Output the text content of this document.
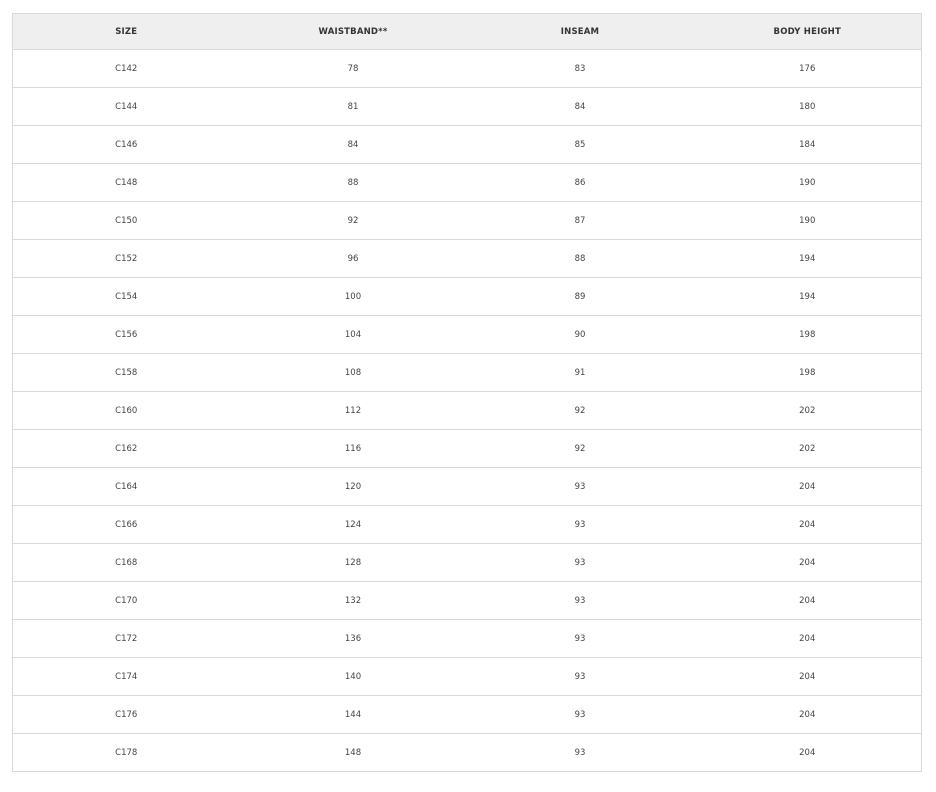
SIZE	WAISTBAND**	INSEAM	BODY HEIGHT
C142	78	83	176
C144	81	84	180
C146	84	85	184
C148	88	86	190
C150	92	87	190
C152	96	88	194
C154	100	89	194
C156	104	90	198
C158	108	91	198
C160	112	92	202
C162	116	92	202
C164	120	93	204
C166	124	93	204
C168	128	93	204
C170	132	93	204
C172	136	93	204
C174	140	93	204
C176	144	93	204
C178	148	93	204
